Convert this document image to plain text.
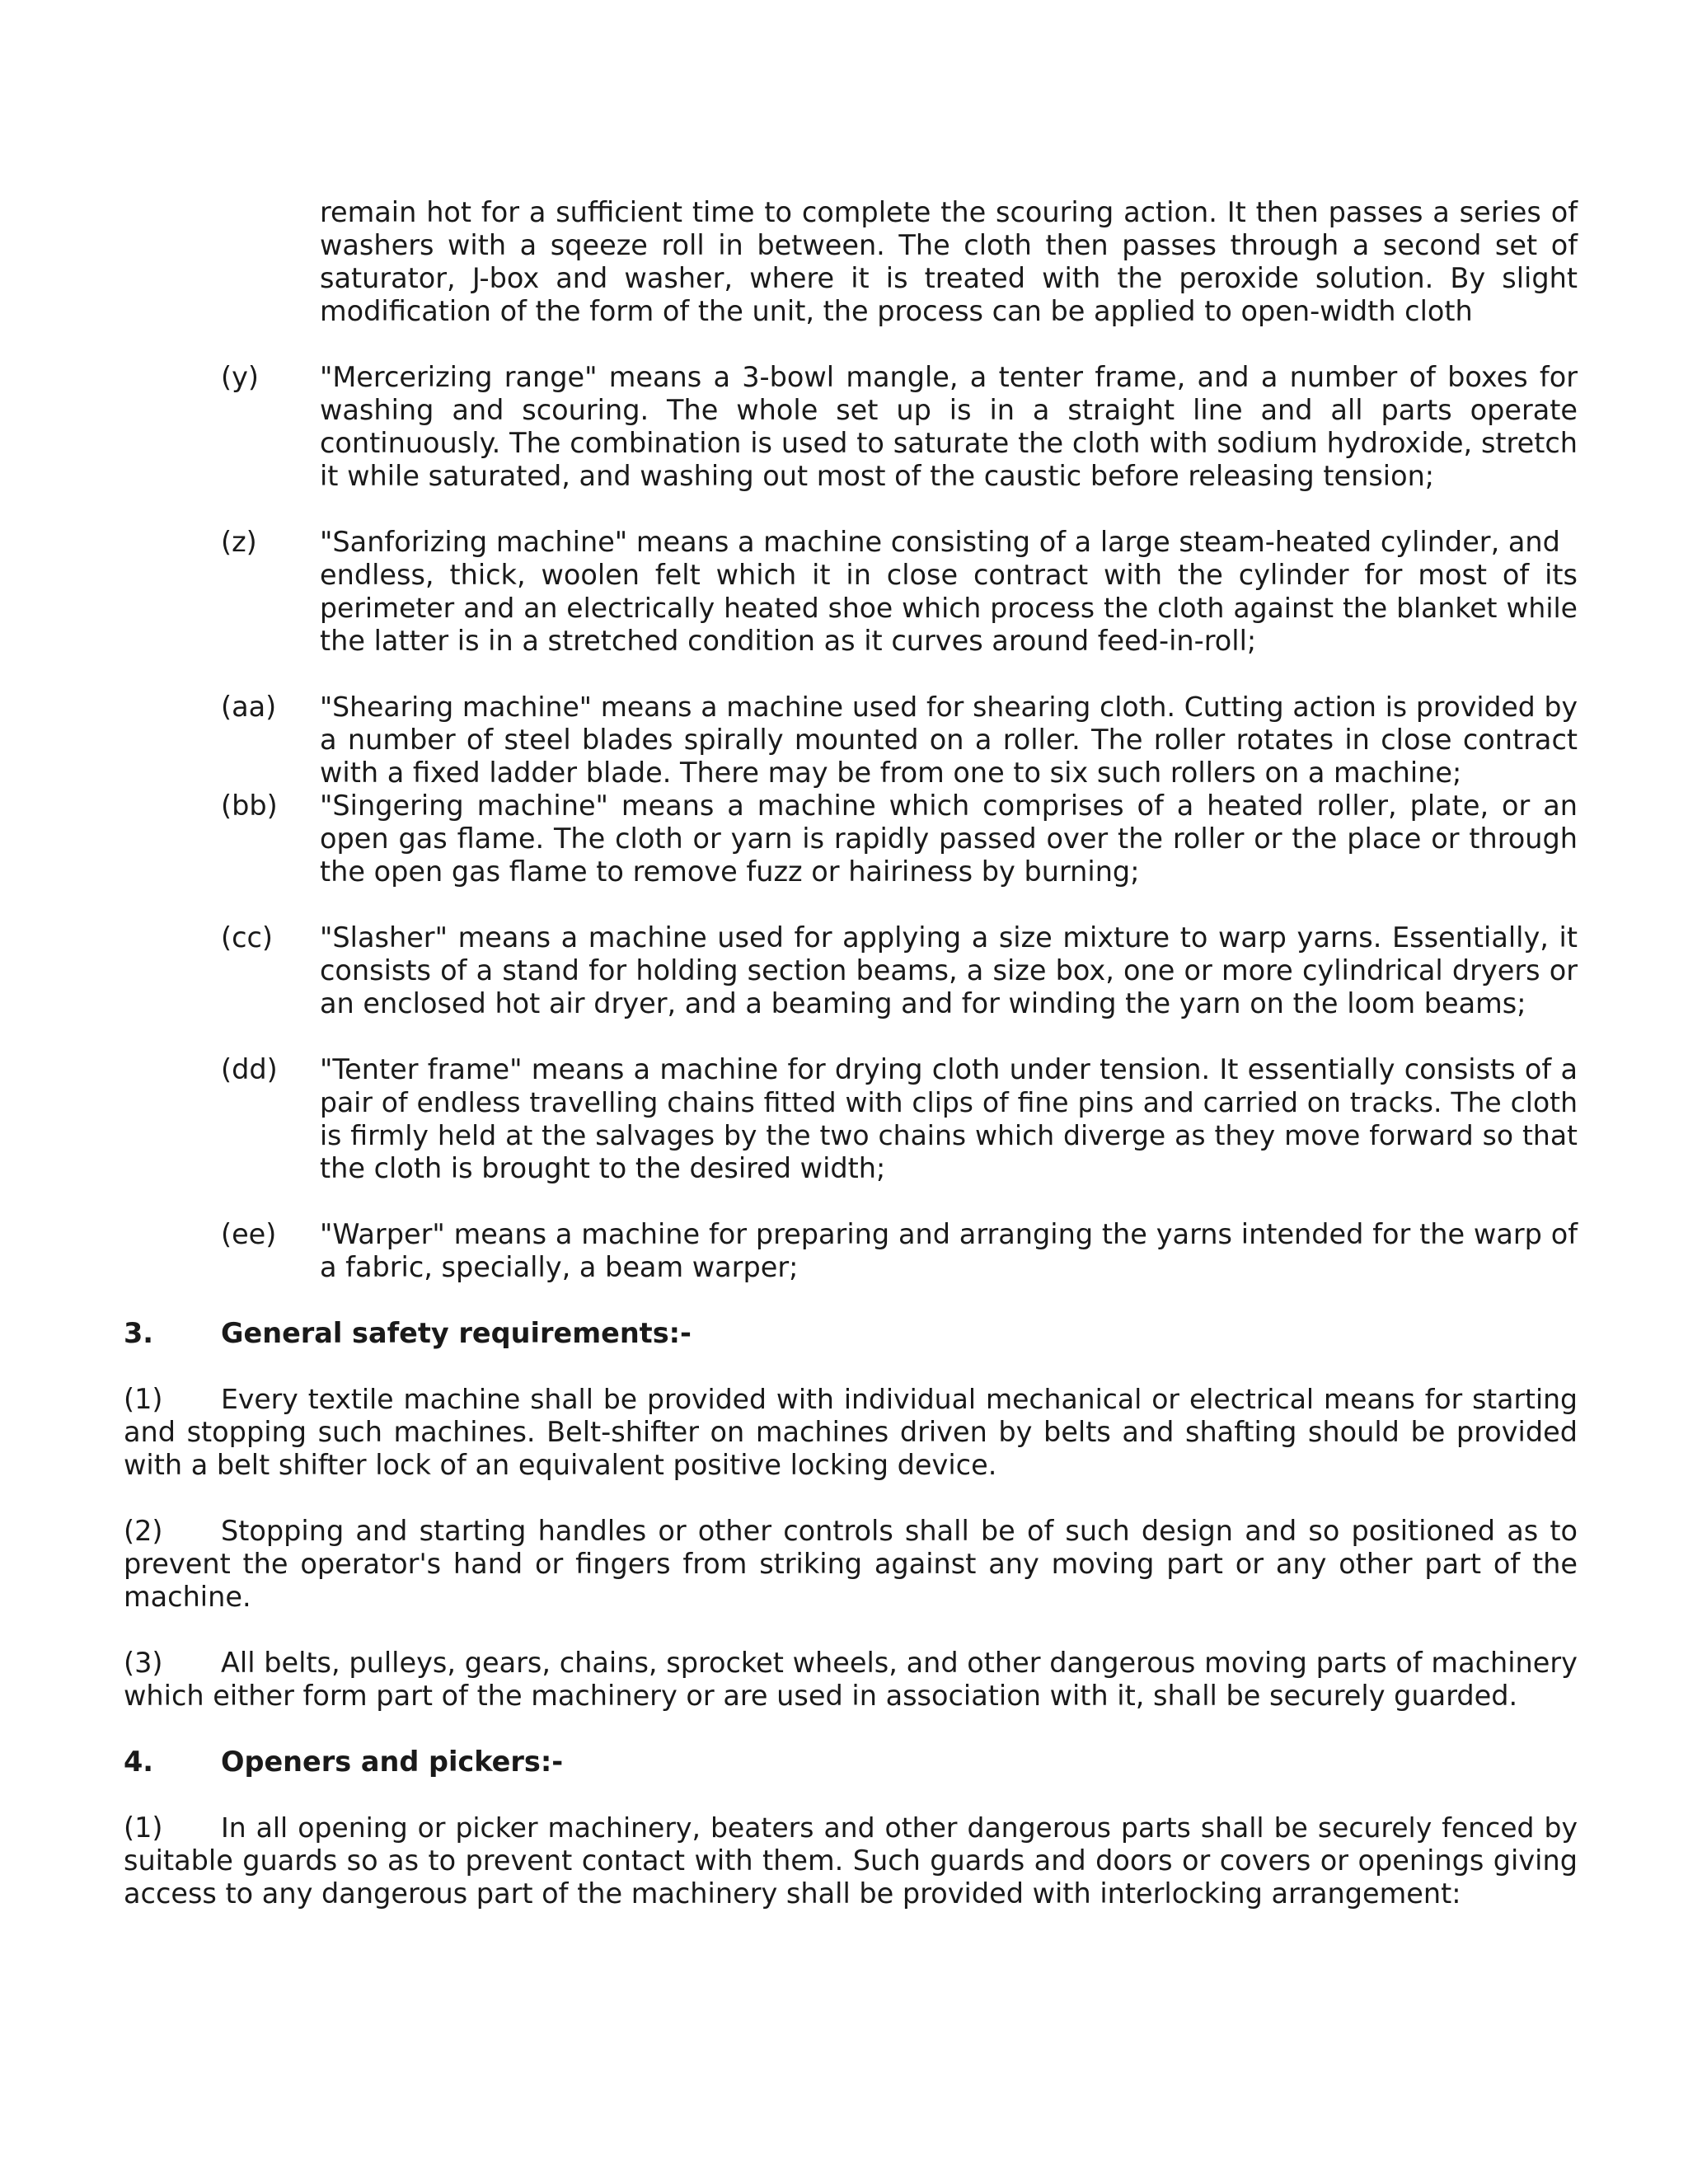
remain hot for a sufficient time to complete the scouring action. It then passes a series of
washers with a sqeeze roll in between. The cloth then passes through a second set of
saturator, J-box and washer, where it is treated with the peroxide solution. By slight
modification of the form of the unit, the process can be applied to open-width cloth
(y) "Mercerizing range" means a 3-bowl mangle, a tenter frame, and a number of boxes for
washing and scouring. The whole set up is in a straight line and all parts operate
continuously. The combination is used to saturate the cloth with sodium hydroxide, stretch
it while saturated, and washing out most of the caustic before releasing tension;
(z) "Sanforizing machine" means a machine consisting of a large steam-heated cylinder, and
endless, thick, woolen felt which it in close contract with the cylinder for most of its
perimeter and an electrically heated shoe which process the cloth against the blanket while
the latter is in a stretched condition as it curves around feed-in-roll;
(aa) "Shearing machine" means a machine used for shearing cloth. Cutting action is provided by
a number of steel blades spirally mounted on a roller. The roller rotates in close contract
with a fixed ladder blade. There may be from one to six such rollers on a machine;
(bb) "Singering machine" means a machine which comprises of a heated roller, plate, or an
open gas flame. The cloth or yarn is rapidly passed over the roller or the place or through
the open gas flame to remove fuzz or hairiness by burning;
(cc) "Slasher" means a machine used for applying a size mixture to warp yarns. Essentially, it
consists of a stand for holding section beams, a size box, one or more cylindrical dryers or
an enclosed hot air dryer, and a beaming and for winding the yarn on the loom beams;
(dd) "Tenter frame" means a machine for drying cloth under tension. It essentially consists of a
pair of endless travelling chains fitted with clips of fine pins and carried on tracks. The cloth
is firmly held at the salvages by the two chains which diverge as they move forward so that
the cloth is brought to the desired width;
(ee) "Warper" means a machine for preparing and arranging the yarns intended for the warp of
a fabric, specially, a beam warper;
3. General safety requirements:-
(1) Every textile machine shall be provided with individual mechanical or electrical means for starting
and stopping such machines. Belt-shifter on machines driven by belts and shafting should be provided
with a belt shifter lock of an equivalent positive locking device.
(2) Stopping and starting handles or other controls shall be of such design and so positioned as to
prevent the operator's hand or fingers from striking against any moving part or any other part of the
machine.
(3) All belts, pulleys, gears, chains, sprocket wheels, and other dangerous moving parts of machinery
which either form part of the machinery or are used in association with it, shall be securely guarded.
4. Openers and pickers:-
(1) In all opening or picker machinery, beaters and other dangerous parts shall be securely fenced by
suitable guards so as to prevent contact with them. Such guards and doors or covers or openings giving
access to any dangerous part of the machinery shall be provided with interlocking arrangement:
